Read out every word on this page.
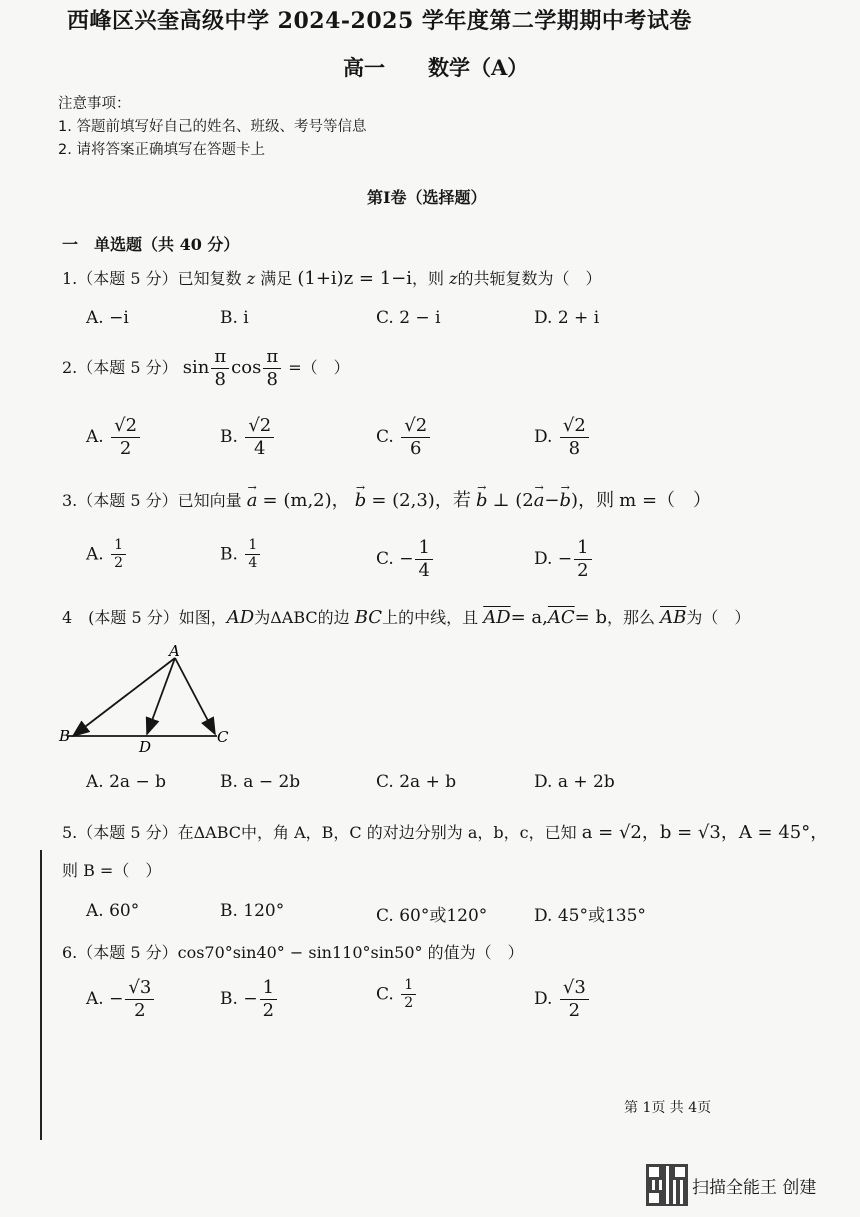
西峰区兴奎高级中学 2024-2025 学年度第二学期期中考试卷
高一 数学（A）
注意事项：
1. 答题前填写好自己的姓名、班级、考号等信息
2. 请将答案正确填写在答题卡上
第Ⅰ卷（选择题）
一　单选题（共 40 分）
1.（本题 5 分）已知复数 z 满足 (1+i)z = 1−i，则 z的共轭复数为（　）
A. −i	B. i	C. 2 − i	D. 2 + i
2.（本题 5 分） $\sin \frac{\pi}{8}$ $\cos \frac{\pi}{8}$ =（　）
A. $\frac{√2}{2}$	B. $\frac{√2}{4}$	C. $\frac{√2}{6}$	D. $\frac{√2}{8}$
3.（本题 5 分）已知向量 → a = (m,2)， → b = (2,3)，若 → b ⊥ (2→ a−→ b)，则 m =（　）
A. $\frac{1}{2}$	B. $\frac{1}{4}$	C. − $\frac{1}{4}$	D. − $\frac{1}{2}$
4　(本题 5 分）如图，AD为ΔABC的边 BC上的中线，且 $\overline{AD}= a,\overline{AC}= b$，那么 $\overline{AB}$为（　）
A
B
D
C
A. 2a − b	B. a − 2b	C. 2a + b	D. a + 2b
5.（本题 5 分）在ΔABC中，角 A，B，C 的对边分别为 a，b，c，已知 a = √2，b = √3，A = 45°，
则 B =（　）
A. 60°	B. 120°	C. 60°或120°	D. 45°或135°
6.（本题 5 分）cos70°sin40° − sin110°sin50° 的值为（　）
A. − $\frac{√3}{2}$	B. − $\frac{1}{2}$	C. $\frac{1}{2}$	D. $\frac{√3}{2}$
第 1页 共 4页
扫描全能王 创建
